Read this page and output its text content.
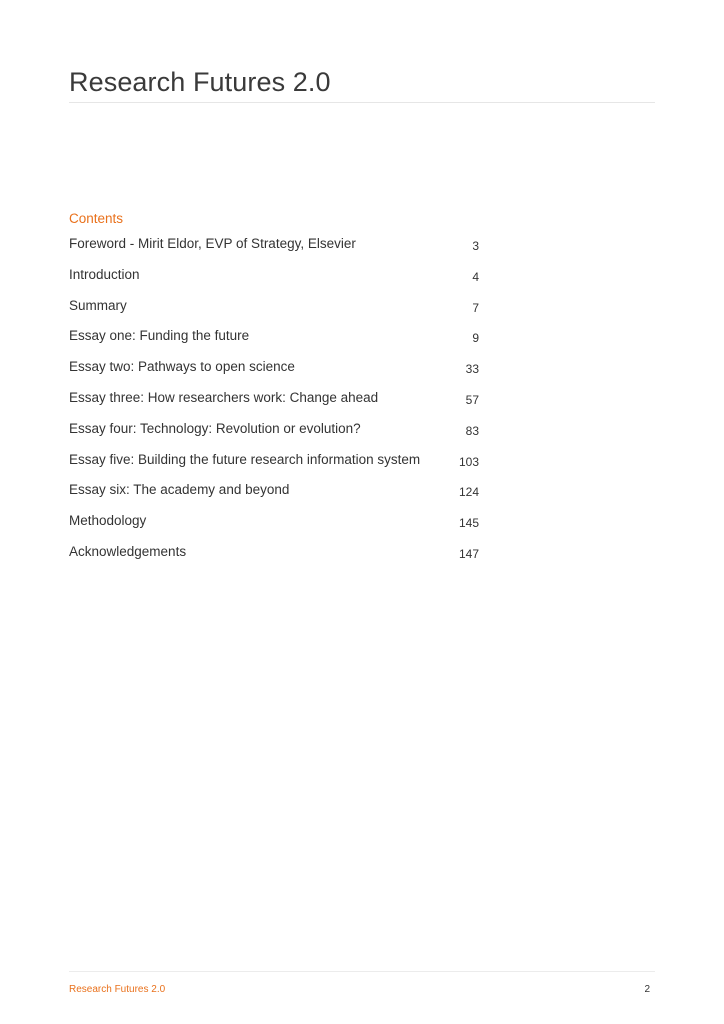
Research Futures 2.0
Contents
Foreword - Mirit Eldor, EVP of Strategy, Elsevier	3
Introduction	4
Summary	7
Essay one: Funding the future	9
Essay two: Pathways to open science	33
Essay three: How researchers work: Change ahead	57
Essay four: Technology: Revolution or evolution?	83
Essay five: Building the future research information system	103
Essay six: The academy and beyond	124
Methodology	145
Acknowledgements	147
Research Futures 2.0	2
